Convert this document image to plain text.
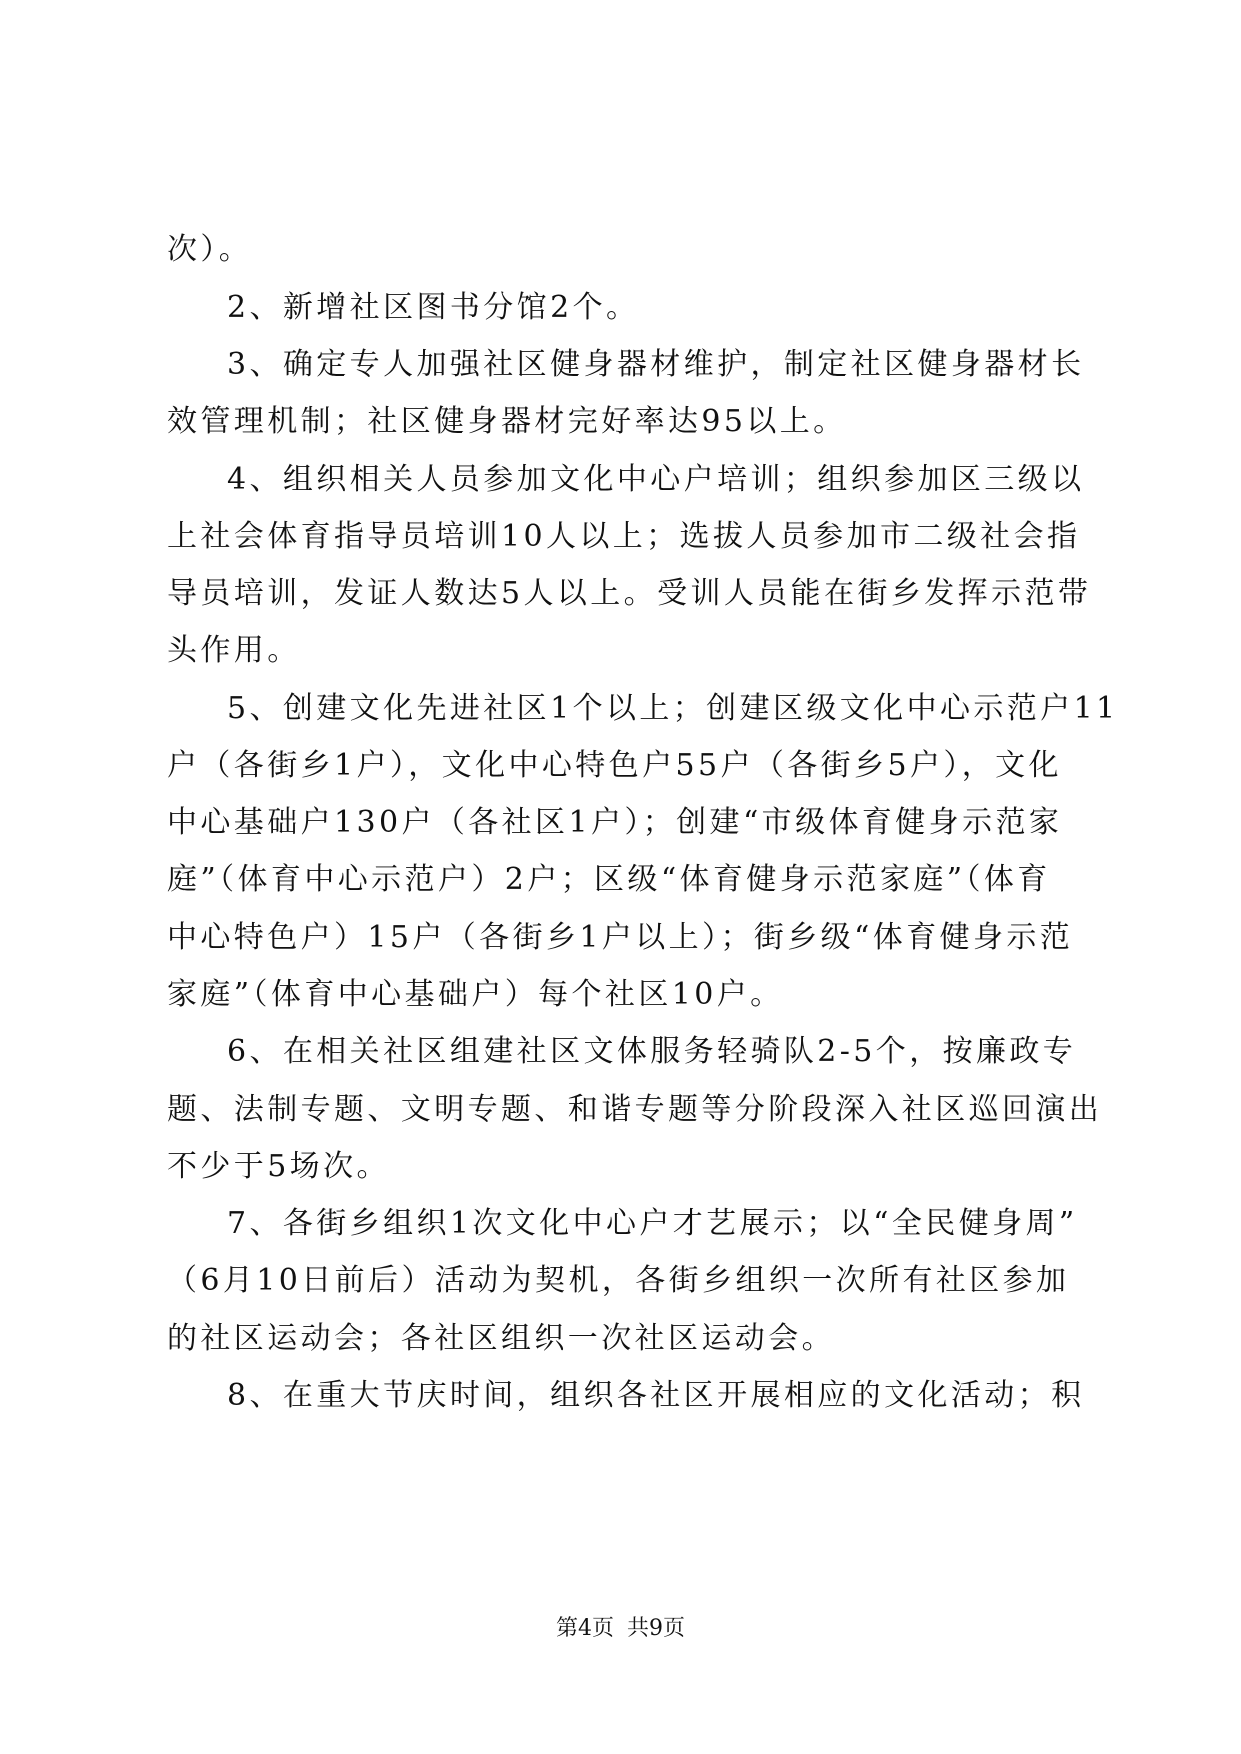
次）。
2、新增社区图书分馆2个。
3、确定专人加强社区健身器材维护，制定社区健身器材长
效管理机制；社区健身器材完好率达95以上。
4、组织相关人员参加文化中心户培训；组织参加区三级以
上社会体育指导员培训10人以上；选拔人员参加市二级社会指
导员培训，发证人数达5人以上。受训人员能在街乡发挥示范带
头作用。
5、创建文化先进社区1个以上；创建区级文化中心示范户11
户（各街乡1户），文化中心特色户55户（各街乡5户），文化
中心基础户130户（各社区1户）；创建“市级体育健身示范家
庭”（体育中心示范户）2户；区级“体育健身示范家庭”（体育
中心特色户）15户（各街乡1户以上）；街乡级“体育健身示范
家庭”（体育中心基础户）每个社区10户。
6、在相关社区组建社区文体服务轻骑队2-5个，按廉政专
题、法制专题、文明专题、和谐专题等分阶段深入社区巡回演出
不少于5场次。
7、各街乡组织1次文化中心户才艺展示；以“全民健身周”
（6月10日前后）活动为契机，各街乡组织一次所有社区参加
的社区运动会；各社区组织一次社区运动会。
8、在重大节庆时间，组织各社区开展相应的文化活动；积
第4页 共9页
